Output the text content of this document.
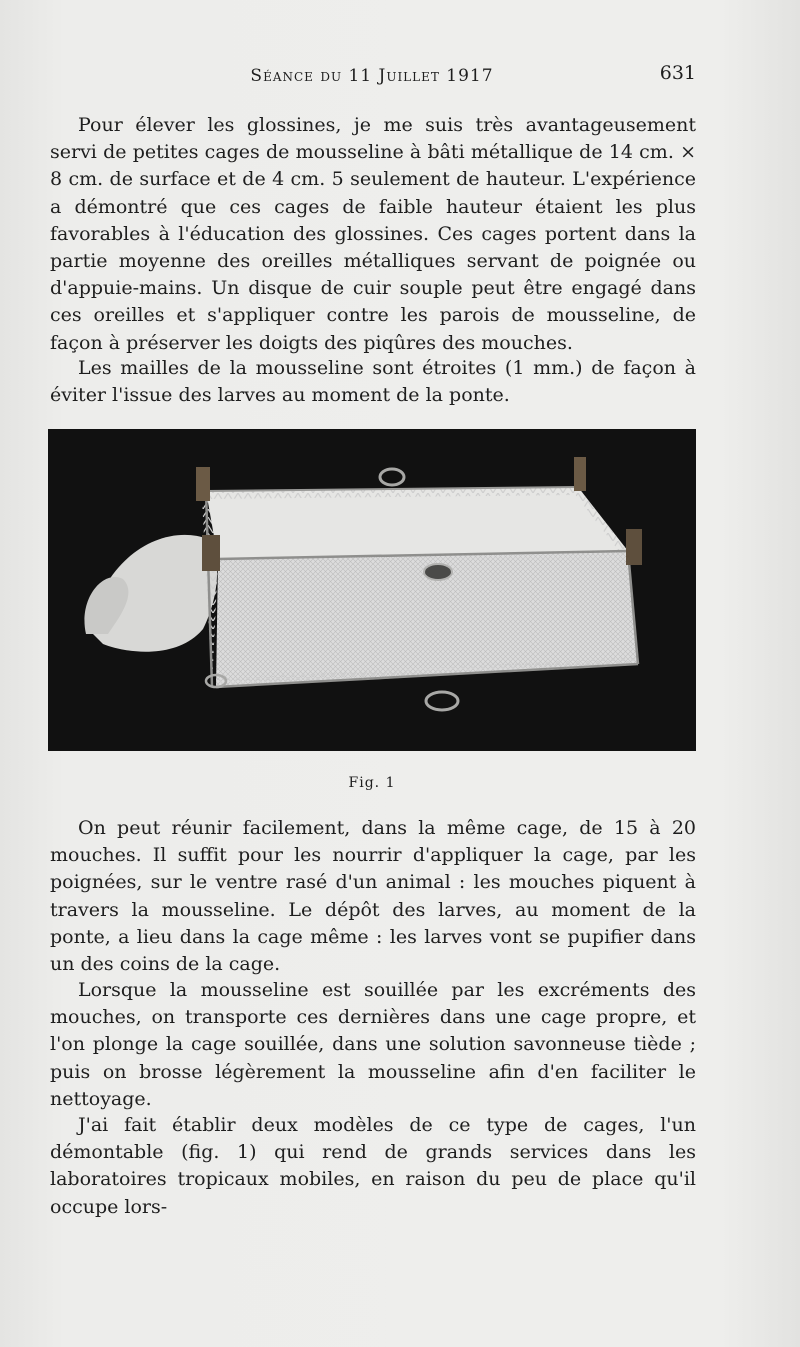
Séance du 11 Juillet 1917	631

Pour élever les glossines, je me suis très avantageusement servi de petites cages de mousseline à bâti métallique de 14 cm. × 8 cm. de surface et de 4 cm. 5 seulement de hauteur. L'expérience a démontré que ces cages de faible hauteur étaient les plus favorables à l'éducation des glossines. Ces cages portent dans la partie moyenne des oreilles métalliques servant de poignée ou d'appuie-mains. Un disque de cuir souple peut être engagé dans ces oreilles et s'appliquer contre les parois de mousseline, de façon à préserver les doigts des piqûres des mouches.

Les mailles de la mousseline sont étroites (1 mm.) de façon à éviter l'issue des larves au moment de la ponte.

Fig. 1

On peut réunir facilement, dans la même cage, de 15 à 20 mouches. Il suffit pour les nourrir d'appliquer la cage, par les poignées, sur le ventre rasé d'un animal : les mouches piquent à travers la mousseline. Le dépôt des larves, au moment de la ponte, a lieu dans la cage même : les larves vont se pupifier dans un des coins de la cage.

Lorsque la mousseline est souillée par les excréments des mouches, on transporte ces dernières dans une cage propre, et l'on plonge la cage souillée, dans une solution savonneuse tiède ; puis on brosse légèrement la mousseline afin d'en faciliter le nettoyage.

J'ai fait établir deux modèles de ce type de cages, l'un démontable (fig. 1) qui rend de grands services dans les laboratoires tropicaux mobiles, en raison du peu de place qu'il occupe lors-
